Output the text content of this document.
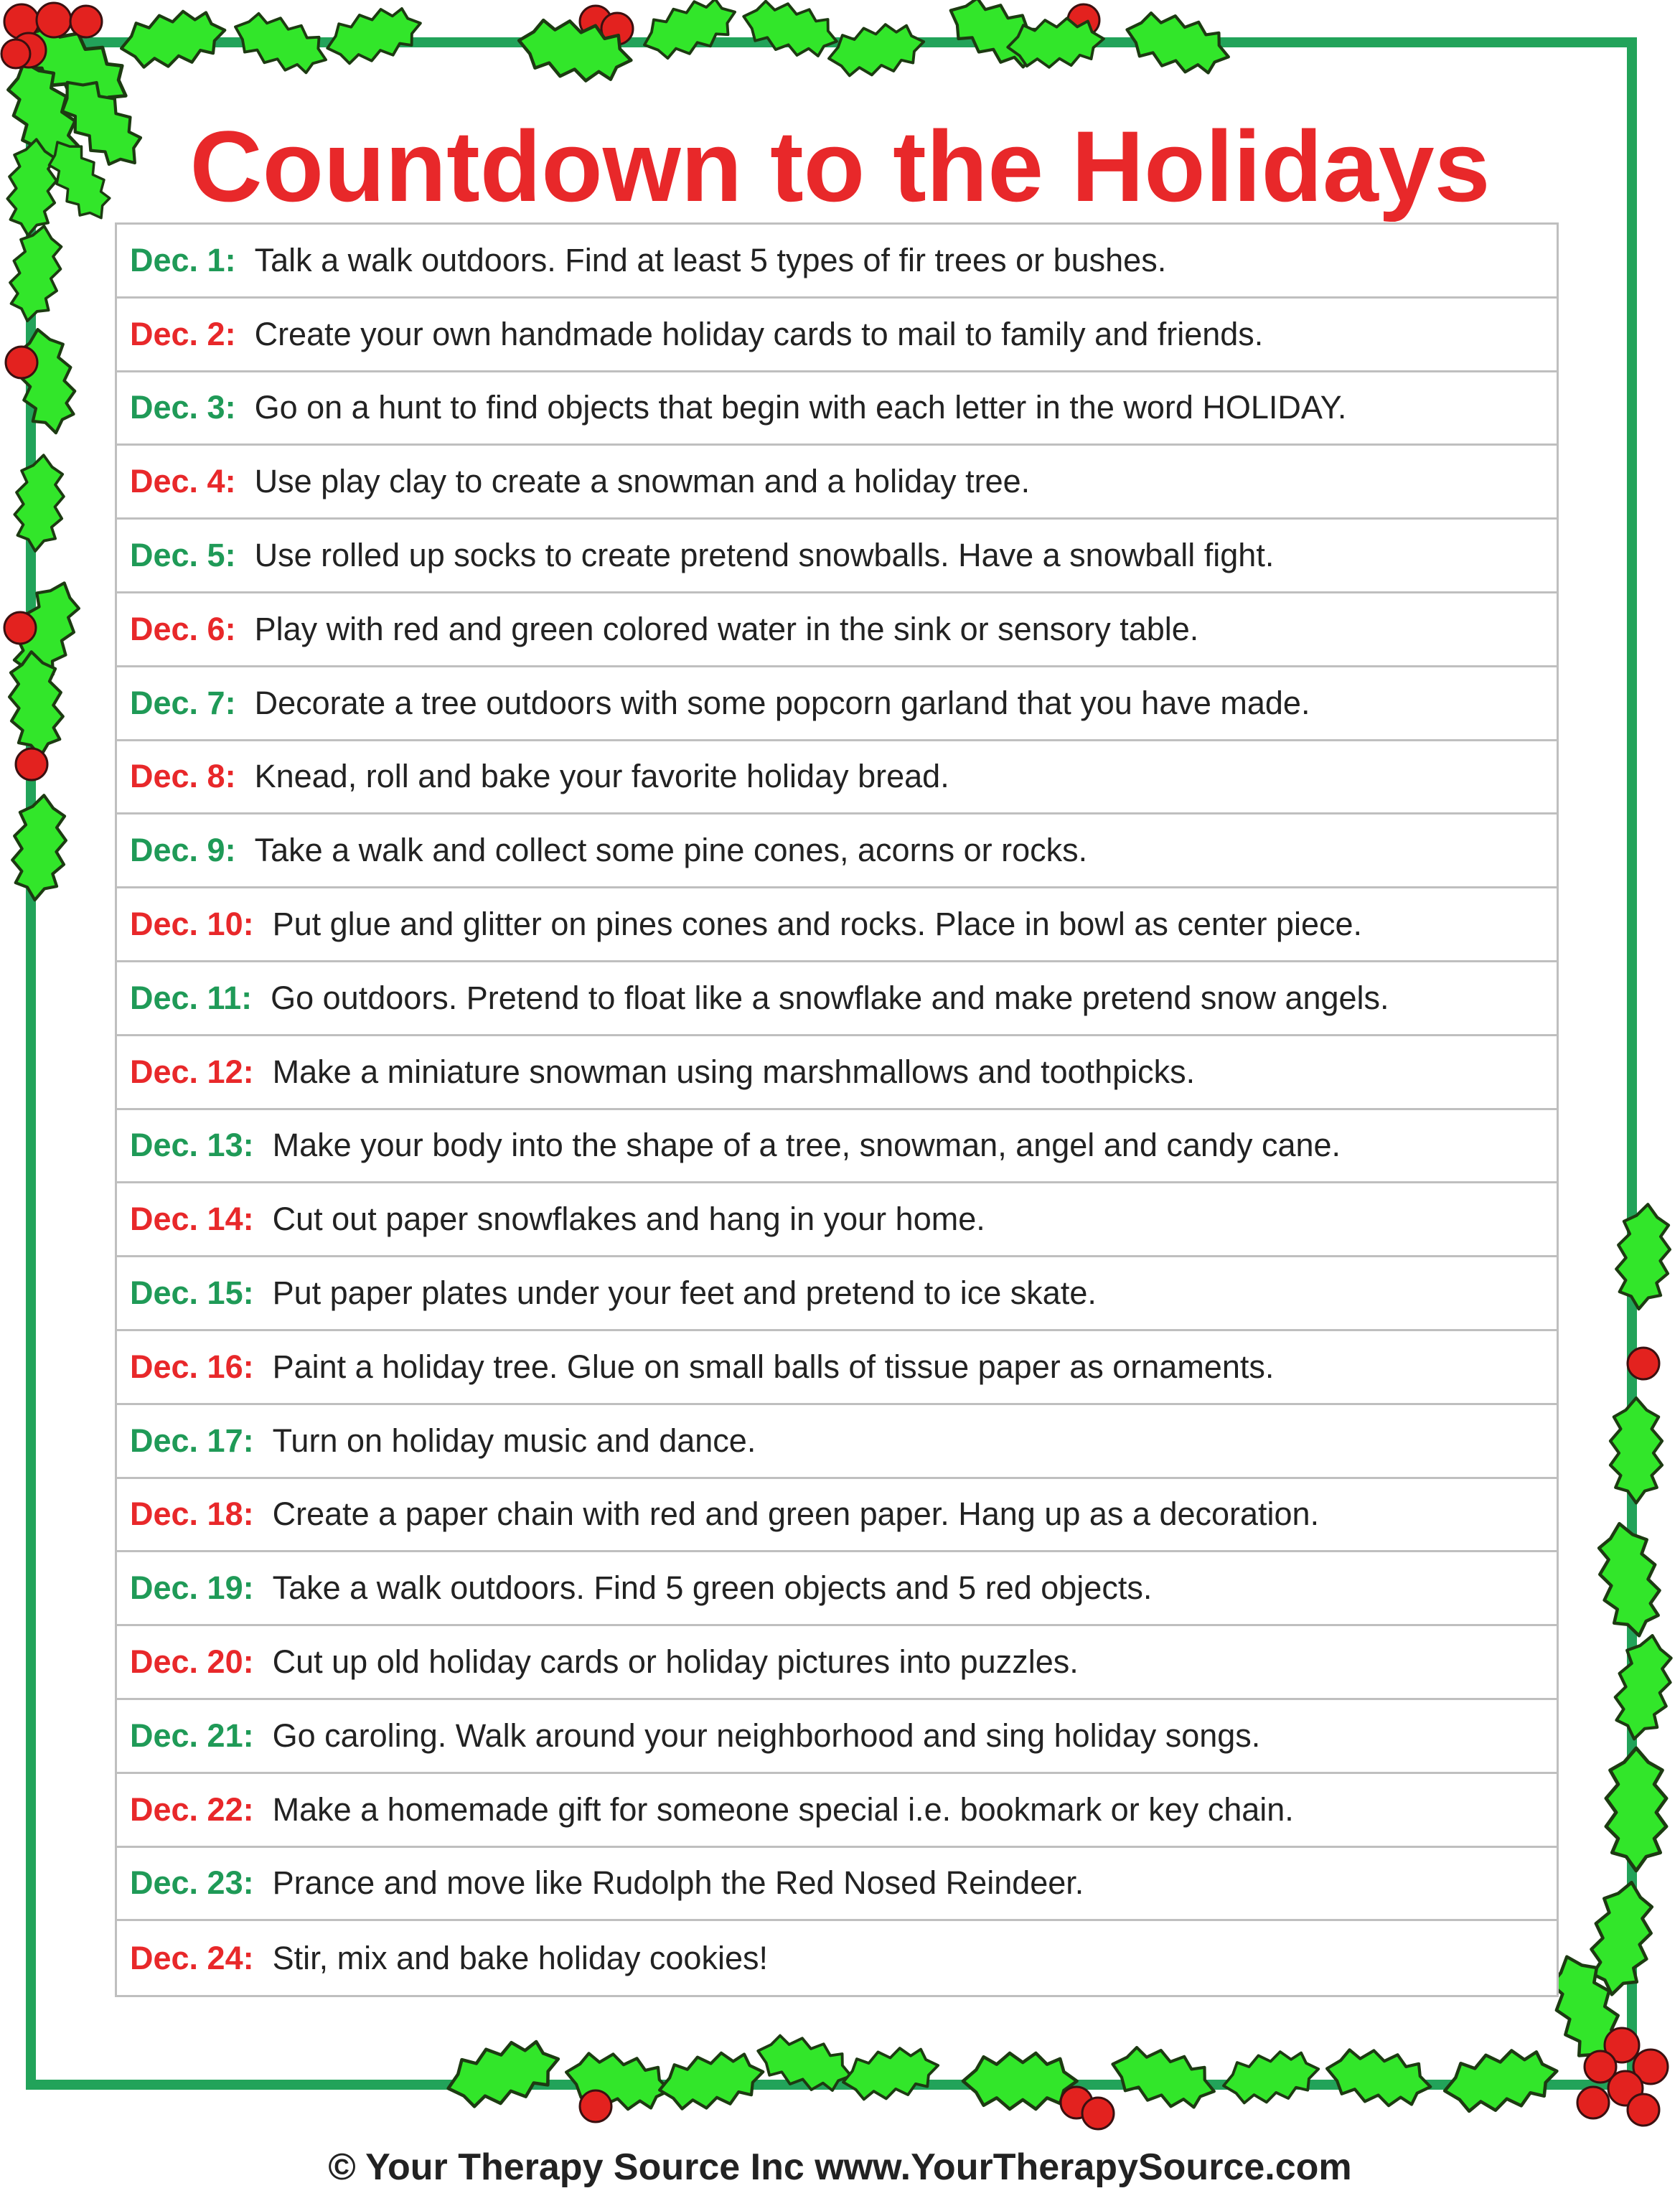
Countdown to the Holidays
Dec. 1: Talk a walk outdoors. Find at least 5 types of fir trees or bushes.
Dec. 2: Create your own handmade holiday cards to mail to family and friends.
Dec. 3: Go on a hunt to find objects that begin with each letter in the word HOLIDAY.
Dec. 4: Use play clay to create a snowman and a holiday tree.
Dec. 5: Use rolled up socks to create pretend snowballs. Have a snowball fight.
Dec. 6: Play with red and green colored water in the sink or sensory table.
Dec. 7: Decorate a tree outdoors with some popcorn garland that you have made.
Dec. 8: Knead, roll and bake your favorite holiday bread.
Dec. 9: Take a walk and collect some pine cones, acorns or rocks.
Dec. 10: Put glue and glitter on pines cones and rocks. Place in bowl as center piece.
Dec. 11: Go outdoors. Pretend to float like a snowflake and make pretend snow angels.
Dec. 12: Make a miniature snowman using marshmallows and toothpicks.
Dec. 13: Make your body into the shape of a tree, snowman, angel and candy cane.
Dec. 14: Cut out paper snowflakes and hang in your home.
Dec. 15: Put paper plates under your feet and pretend to ice skate.
Dec. 16: Paint a holiday tree. Glue on small balls of tissue paper as ornaments.
Dec. 17: Turn on holiday music and dance.
Dec. 18: Create a paper chain with red and green paper. Hang up as a decoration.
Dec. 19: Take a walk outdoors. Find 5 green objects and 5 red objects.
Dec. 20: Cut up old holiday cards or holiday pictures into puzzles.
Dec. 21: Go caroling. Walk around your neighborhood and sing holiday songs.
Dec. 22: Make a homemade gift for someone special i.e. bookmark or key chain.
Dec. 23: Prance and move like Rudolph the Red Nosed Reindeer.
Dec. 24: Stir, mix and bake holiday cookies!
© Your Therapy Source Inc www.YourTherapySource.com
